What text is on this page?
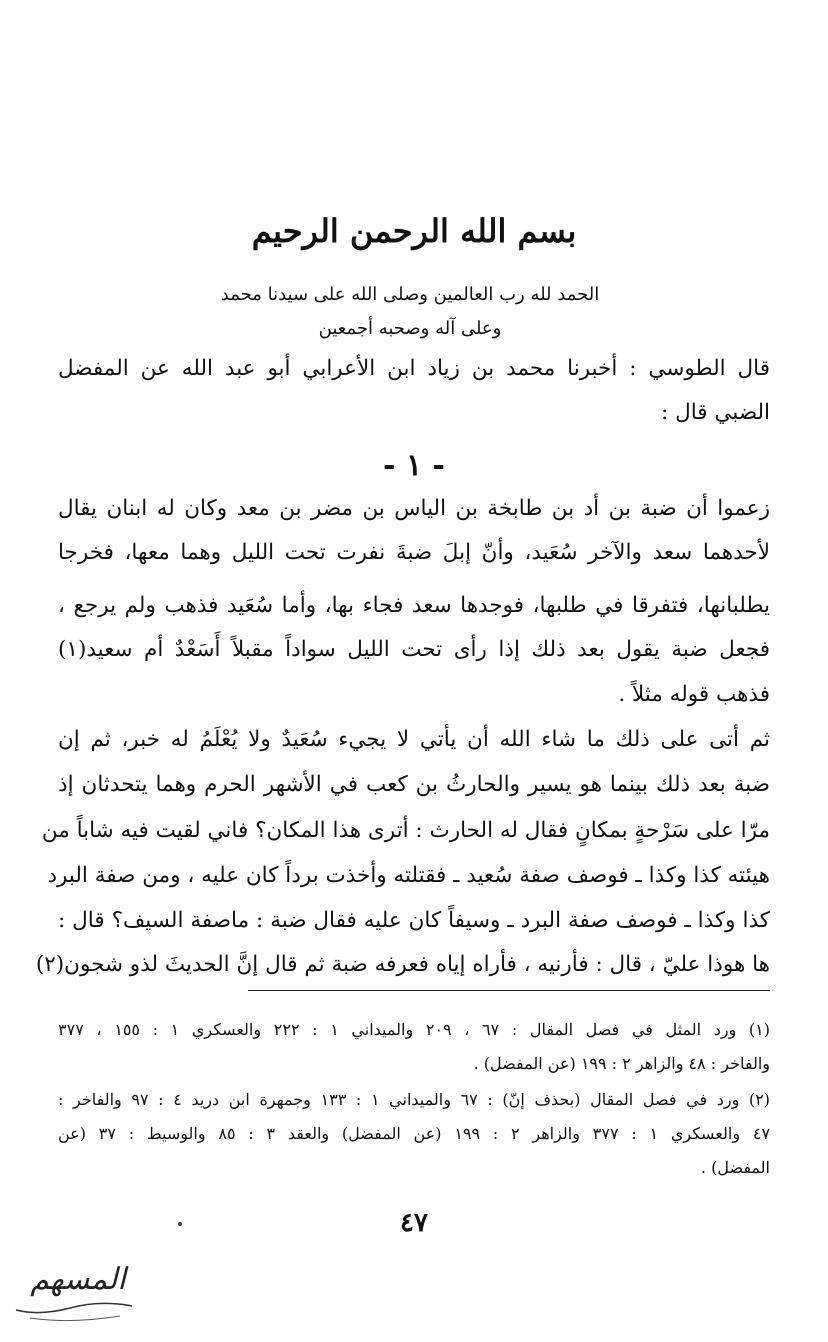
بسم الله الرحمن الرحيم
الحمد لله رب العالمين وصلى الله على سيدنا محمد
وعلى آله وصحبه أجمعين
قال الطوسي : أخبرنا محمد بن زياد ابن الأعرابي أبو عبد الله عن المفضل
الضبي قال :
- ١ -
زعموا أن ضبة بن أد بن طابخة بن الياس بن مضر بن معد وكان له ابنان يقال
لأحدهما سعد والآخر سُعَيد، وأنّ إبلَ ضبةَ نفرت تحت الليل وهما معها، فخرجا
يطلبانها، فتفرقا في طلبها، فوجدها سعد فجاء بها، وأما سُعَيد فذهب ولم يرجع ،
فجعل ضبة يقول بعد ذلك إذا رأى تحت الليل سواداً مقبلاً أَسَعْدٌ أم سعيد(١)
فذهب قوله مثلاً .
ثم أتى على ذلك ما شاء الله أن يأتي لا يجيء سُعَيدٌ ولا يُعْلَمُ له خبر، ثم إن
ضبة بعد ذلك بينما هو يسير والحارثُ بن كعب في الأشهر الحرم وهما يتحدثان إذ
مرّا على سَرْحةٍ بمكانٍ فقال له الحارث : أترى هذا المكان؟ فاني لقيت فيه شاباً من
هيئته كذا وكذا ـ فوصف صفة سُعيد ـ فقتلته وأخذت برداً كان عليه ، ومن صفة البرد
كذا وكذا ـ فوصف صفة البرد ـ وسيفاً كان عليه فقال ضبة : ماصفة السيف؟ قال :
ها هوذا عليّ ، قال : فأرنيه ، فأراه إياه فعرفه ضبة ثم قال إنَّ الحديثَ لذو شجون(٢)
(١) ورد المثل في فصل المقال : ٦٧ ، ٢٠٩ والميداني ١ : ٢٢٢ والعسكري ١ : ١٥٥ ، ٣٧٧
والفاخر : ٤٨ والزاهر ٢ : ١٩٩ (عن المفضل) .
(٢) ورد في فصل المقال (بحذف إنّ) : ٦٧ والميداني ١ : ١٣٣ وجمهرة ابن دريد ٤ : ٩٧ والفاخر :
٤٧ والعسكري ١ : ٣٧٧ والزاهر ٢ : ١٩٩ (عن المفضل) والعقد ٣ : ٨٥ والوسيط : ٣٧ (عن
المفضل) .
٤٧
المسهم
